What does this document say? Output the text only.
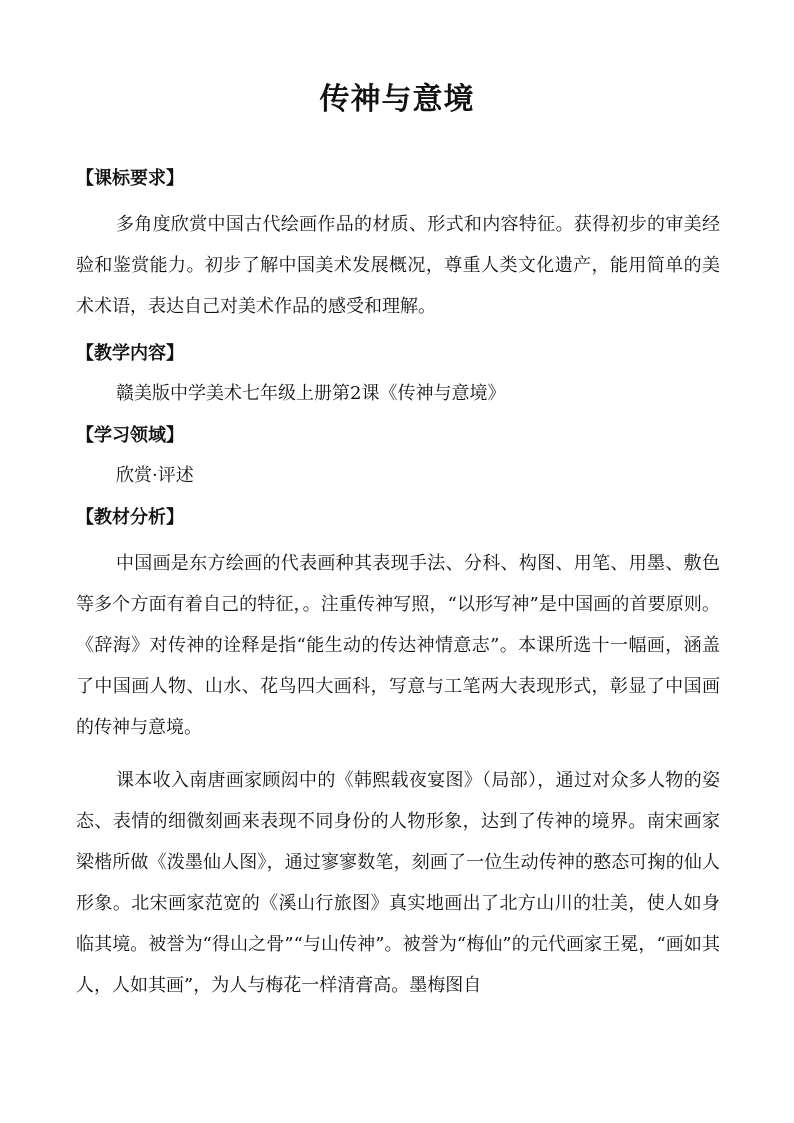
传神与意境
【课标要求】

多角度欣赏中国古代绘画作品的材质、形式和内容特征。获得初步的审美经验和鉴赏能力。初步了解中国美术发展概况，尊重人类文化遗产，能用简单的美术术语，表达自己对美术作品的感受和理解。

【教学内容】
赣美版中学美术七年级上册第2课《传神与意境》
【学习领域】
欣赏·评述
【教材分析】

中国画是东方绘画的代表画种其表现手法、分科、构图、用笔、用墨、敷色等多个方面有着自己的特征，。注重传神写照，“以形写神”是中国画的首要原则。《辞海》对传神的诠释是指“能生动的传达神情意志”。本课所选十一幅画，涵盖了中国画人物、山水、花鸟四大画科，写意与工笔两大表现形式，彰显了中国画的传神与意境。

课本收入南唐画家顾闳中的《韩熙载夜宴图》（局部），通过对众多人物的姿态、表情的细微刻画来表现不同身份的人物形象，达到了传神的境界。南宋画家梁楷所做《泼墨仙人图》，通过寥寥数笔，刻画了一位生动传神的憨态可掬的仙人形象。北宋画家范宽的《溪山行旅图》真实地画出了北方山川的壮美，使人如身临其境。被誉为“得山之骨”“与山传神”。被誉为“梅仙”的元代画家王冕，“画如其人，人如其画”，为人与梅花一样清膏高。墨梅图自
